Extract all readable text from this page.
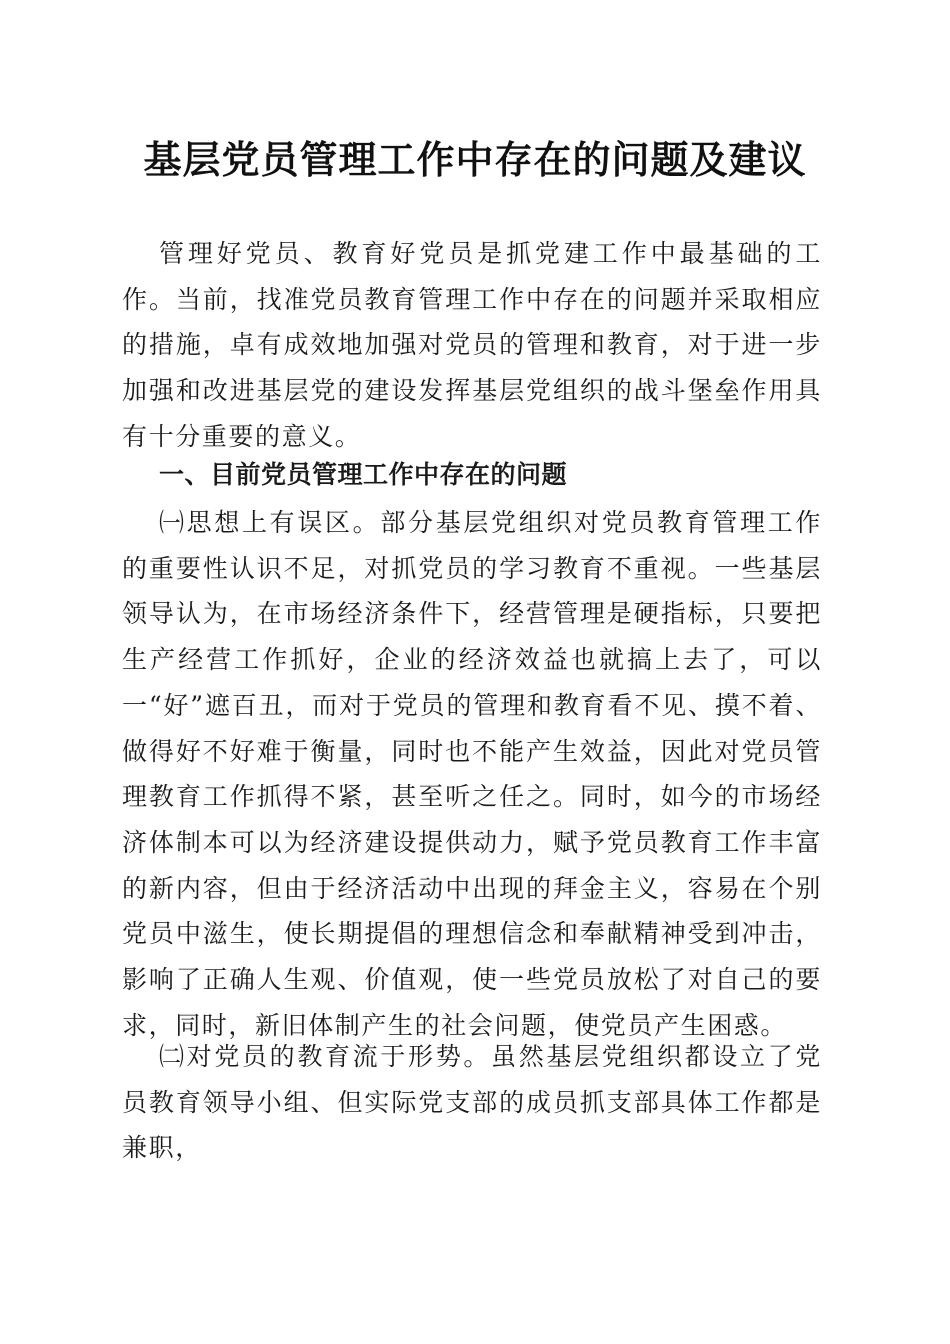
基层党员管理工作中存在的问题及建议

管理好党员、教育好党员是抓党建工作中最基础的工作。当前，找准党员教育管理工作中存在的问题并采取相应的措施，卓有成效地加强对党员的管理和教育，对于进一步加强和改进基层党的建设发挥基层党组织的战斗堡垒作用具有十分重要的意义。

一、目前党员管理工作中存在的问题

㈠思想上有误区。部分基层党组织对党员教育管理工作的重要性认识不足，对抓党员的学习教育不重视。一些基层领导认为，在市场经济条件下，经营管理是硬指标，只要把生产经营工作抓好，企业的经济效益也就搞上去了，可以一“好”遮百丑，而对于党员的管理和教育看不见、摸不着、做得好不好难于衡量，同时也不能产生效益，因此对党员管理教育工作抓得不紧，甚至听之任之。同时，如今的市场经济体制本可以为经济建设提供动力，赋予党员教育工作丰富的新内容，但由于经济活动中出现的拜金主义，容易在个别党员中滋生，使长期提倡的理想信念和奉献精神受到冲击，影响了正确人生观、价值观，使一些党员放松了对自己的要求，同时，新旧体制产生的社会问题，使党员产生困惑。

㈡对党员的教育流于形势。虽然基层党组织都设立了党员教育领导小组、但实际党支部的成员抓支部具体工作都是兼职，
